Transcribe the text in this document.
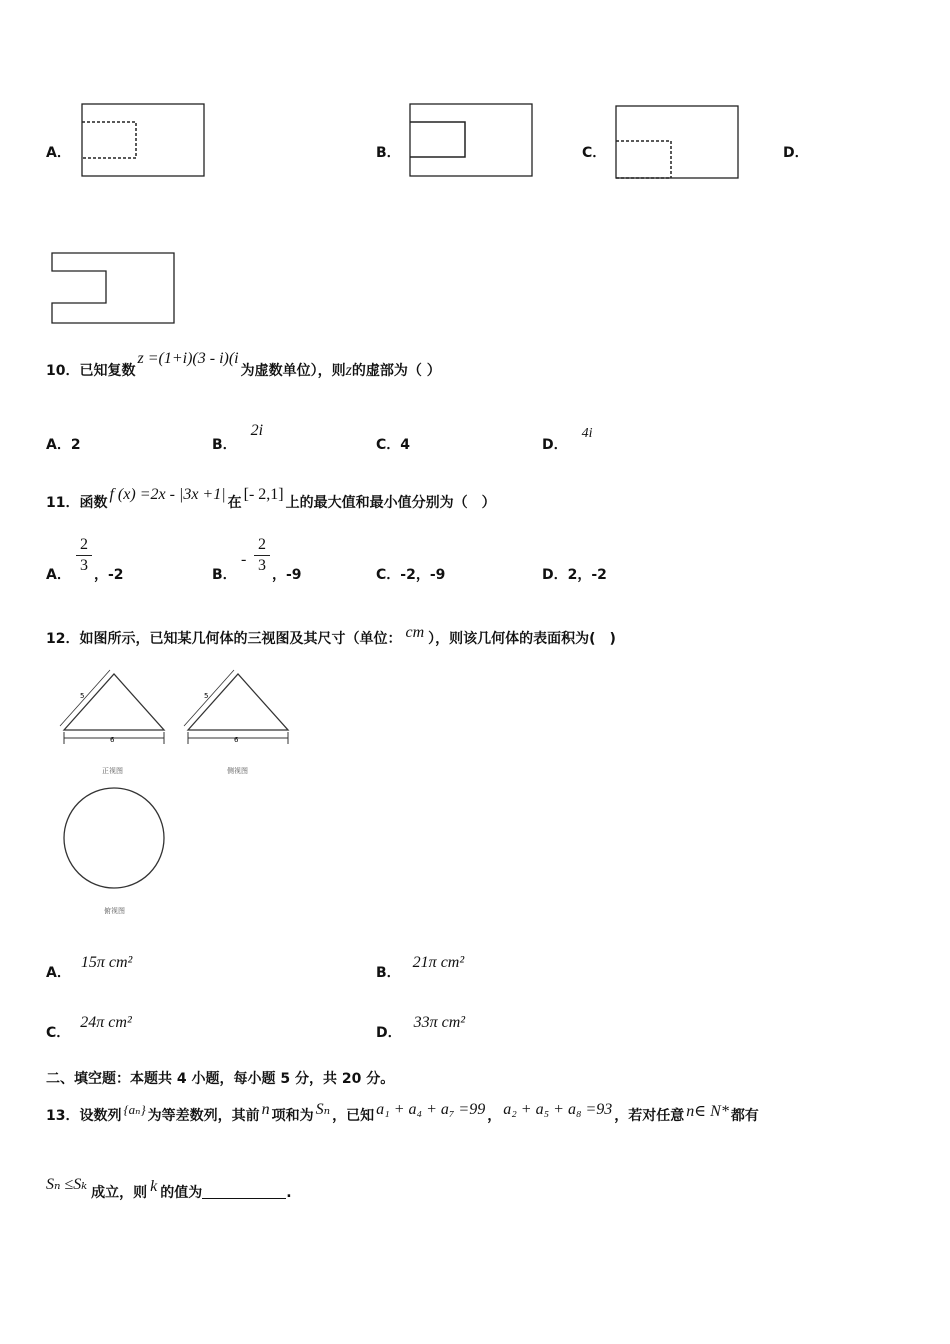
A．	B．	C．	D．
10．已知复数z =(1+i)(3 - i)(i为虚数单位），则z的虚部为（ ）
A．2	B．2i
C．4	D．4i
11．函数 f (x) =2x - |3x +1| 在 [- 2,1] 上的最大值和最小值分别为（　）
A．
2
3
，-2	B．
-
2
3
，-9	C．-2，-9	D．2，-2
12．如图所示，已知某几何体的三视图及其尺寸（单位： cm ），则该几何体的表面积为(　)
6
5
正视图
6
5
侧视图
俯视图
A．15π cm²
B．21π cm²
C．24π cm²
D．33π cm²
二、填空题：本题共 4 小题，每小题 5 分，共 20 分。
13．设数列 {aₙ} 为等差数列，其前 n 项和为 Sₙ ，已知 a₁ + a₄ + a₇ =99 ， a₂ + a₅ + a₈ =93 ，若对任意 n∈ N* 都有
Sₙ ≤Sₖ 成立，则 k 的值为	.
